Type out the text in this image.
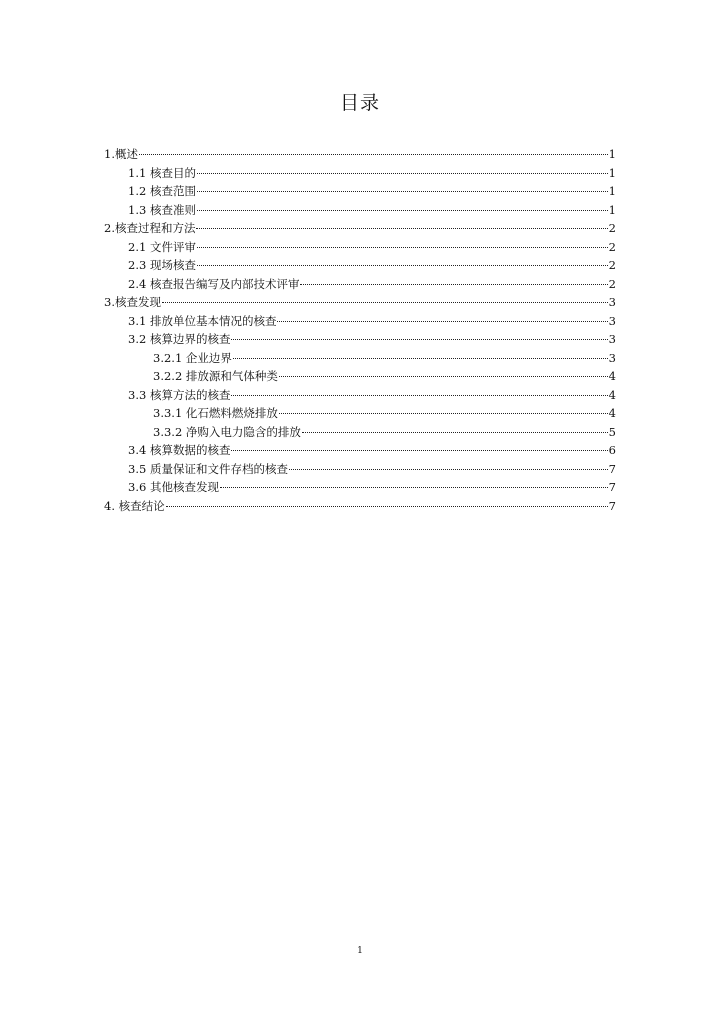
目录
1.概述	1
1.1 核查目的	1
1.2 核查范围	1
1.3 核查准则	1
2.核查过程和方法	2
2.1 文件评审	2
2.3 现场核查	2
2.4 核查报告编写及内部技术评审	2
3.核查发现	3
3.1 排放单位基本情况的核查	3
3.2 核算边界的核查	3
3.2.1 企业边界	3
3.2.2 排放源和气体种类	4
3.3 核算方法的核查	4
3.3.1 化石燃料燃烧排放	4
3.3.2 净购入电力隐含的排放	5
3.4 核算数据的核查	6
3.5 质量保证和文件存档的核查	7
3.6 其他核查发现	7
4. 核查结论	7
1
